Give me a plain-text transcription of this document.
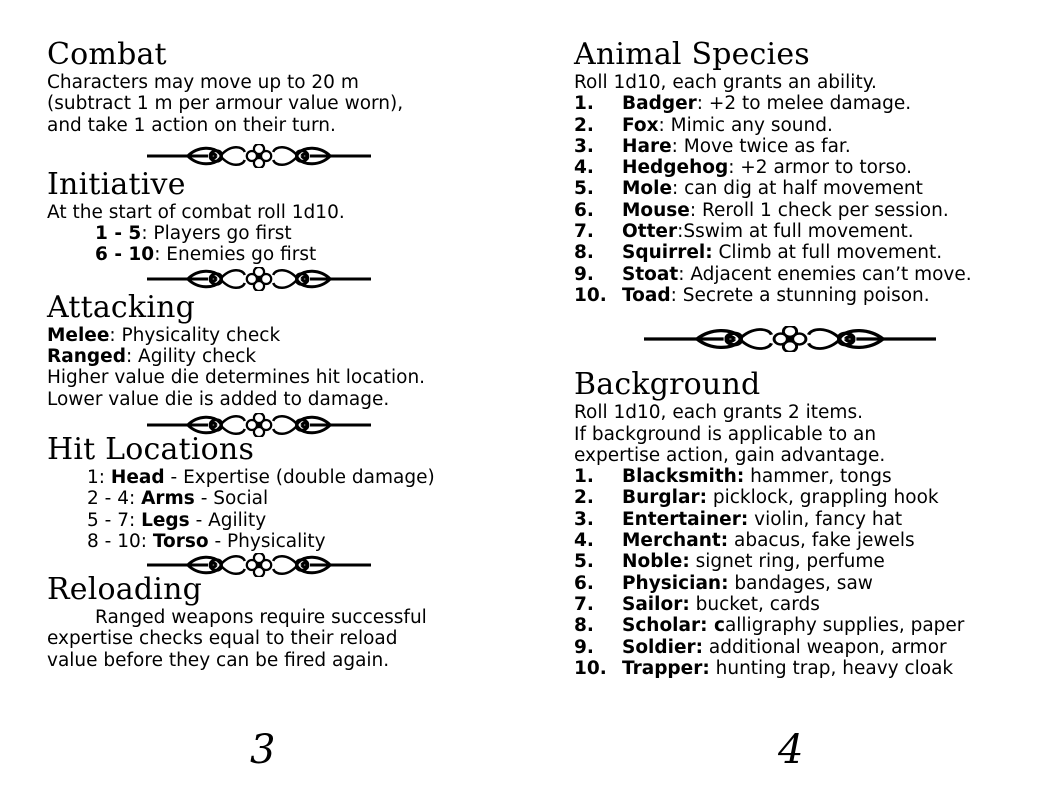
Combat
Characters may move up to 20 m
(subtract 1 m per armour value worn),
and take 1 action on their turn.
Initiative
At the start of combat roll 1d10.
1 - 5: Players go first
6 - 10: Enemies go first
Attacking
Melee: Physicality check
Ranged: Agility check
Higher value die determines hit location.
Lower value die is added to damage.
Hit Locations
1: Head - Expertise (double damage)
2 - 4: Arms - Social
5 - 7: Legs - Agility
8 - 10: Torso - Physicality
Reloading
Ranged weapons require successful
expertise checks equal to their reload
value before they can be fired again.
3
Animal Species
Roll 1d10, each grants an ability.
1.	Badger: +2 to melee damage.
2.	Fox: Mimic any sound.
3.	Hare: Move twice as far.
4.	Hedgehog: +2 armor to torso.
5.	Mole: can dig at half movement
6.	Mouse: Reroll 1 check per session.
7.	Otter:Sswim at full movement.
8.	Squirrel: Climb at full movement.
9.	Stoat: Adjacent enemies can’t move.
10. Toad: Secrete a stunning poison.
Background
Roll 1d10, each grants 2 items.
If background is applicable to an
expertise action, gain advantage.
1.	Blacksmith: hammer, tongs
2.	Burglar: picklock, grappling hook
3.	Entertainer: violin, fancy hat
4.	Merchant: abacus, fake jewels
5.	Noble: signet ring, perfume
6.	Physician: bandages, saw
7.	Sailor: bucket, cards
8.	Scholar: calligraphy supplies, paper
9.	Soldier: additional weapon, armor
10. Trapper: hunting trap, heavy cloak
4
